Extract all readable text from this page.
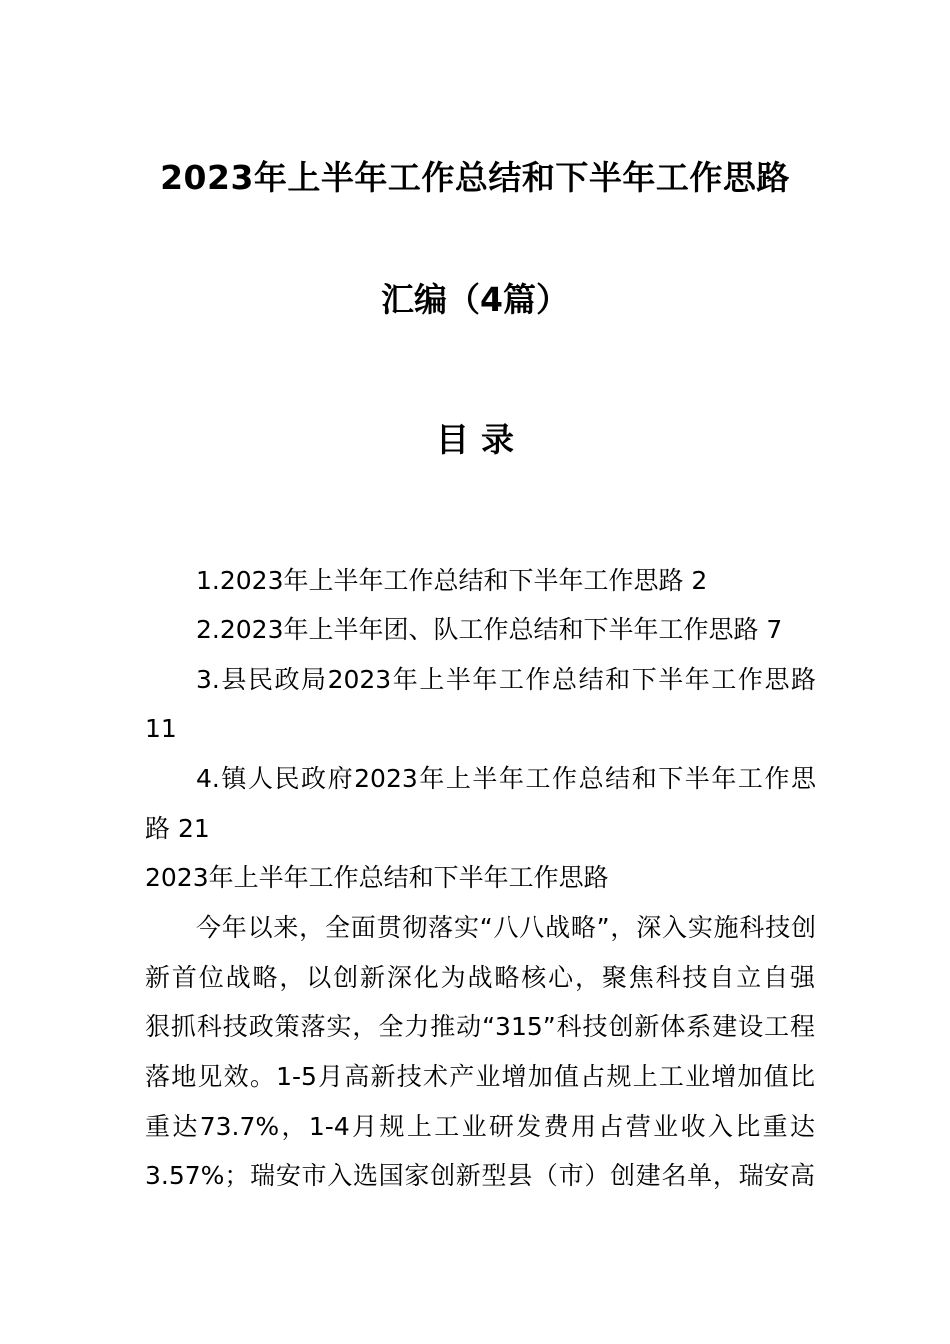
2023年上半年工作总结和下半年工作思路
汇编（4篇）
目录
1.2023年上半年工作总结和下半年工作思路 2
2.2023年上半年团、队工作总结和下半年工作思路 7
3.县民政局2023年上半年工作总结和下半年工作思路
11
4.镇人民政府2023年上半年工作总结和下半年工作思
路 21
2023年上半年工作总结和下半年工作思路
今年以来，全面贯彻落实“八八战略”，深入实施科技创
新首位战略，以创新深化为战略核心，聚焦科技自立自强
狠抓科技政策落实，全力推动“315”科技创新体系建设工程
落地见效。1-5月高新技术产业增加值占规上工业增加值比
重达73.7%，1-4月规上工业研发费用占营业收入比重达
3.57%；瑞安市入选国家创新型县（市）创建名单，瑞安高
